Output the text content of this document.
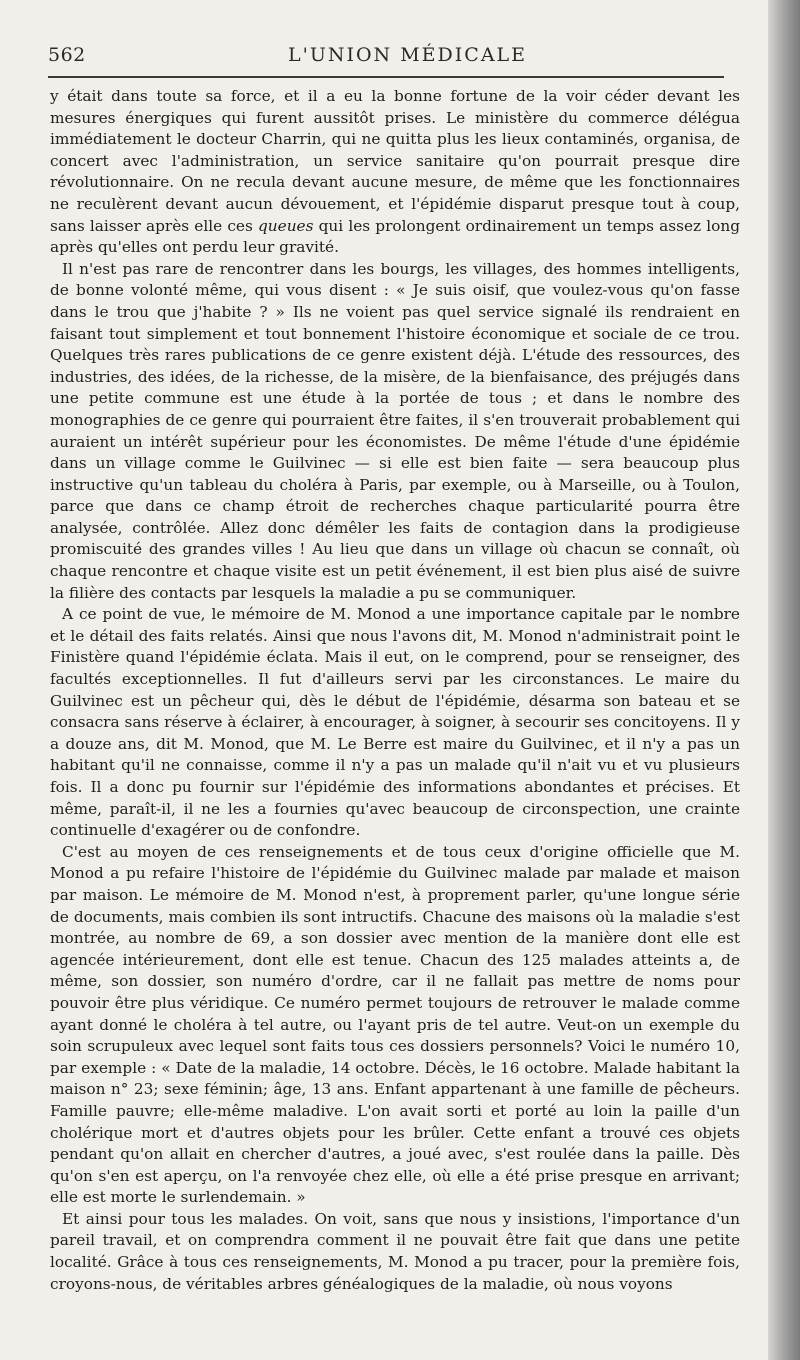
562	L'UNION MÉDICALE

y était dans toute sa force, et il a eu la bonne fortune de la voir céder devant les mesures énergiques qui furent aussitôt prises. Le ministère du commerce délégua immédiatement le docteur Charrin, qui ne quitta plus les lieux contaminés, organisa, de concert avec l'administration, un service sanitaire qu'on pourrait presque dire révolutionnaire. On ne recula devant aucune mesure, de même que les fonctionnaires ne reculèrent devant aucun dévouement, et l'épidémie disparut presque tout à coup, sans laisser après elle ces queues qui les prolongent ordinairement un temps assez long après qu'elles ont perdu leur gravité.

Il n'est pas rare de rencontrer dans les bourgs, les villages, des hommes intelligents, de bonne volonté même, qui vous disent : « Je suis oisif, que voulez-vous qu'on fasse dans le trou que j'habite ? » Ils ne voient pas quel service signalé ils rendraient en faisant tout simplement et tout bonnement l'histoire économique et sociale de ce trou. Quelques très rares publications de ce genre existent déjà. L'étude des ressources, des industries, des idées, de la richesse, de la misère, de la bienfaisance, des préjugés dans une petite commune est une étude à la portée de tous ; et dans le nombre des monographies de ce genre qui pourraient être faites, il s'en trouverait probablement qui auraient un intérêt supérieur pour les économistes. De même l'étude d'une épidémie dans un village comme le Guilvinec — si elle est bien faite — sera beaucoup plus instructive qu'un tableau du choléra à Paris, par exemple, ou à Marseille, ou à Toulon, parce que dans ce champ étroit de recherches chaque particularité pourra être analysée, contrôlée. Allez donc démêler les faits de contagion dans la prodigieuse promiscuité des grandes villes ! Au lieu que dans un village où chacun se connaît, où chaque rencontre et chaque visite est un petit événement, il est bien plus aisé de suivre la filière des contacts par lesquels la maladie a pu se communiquer.

A ce point de vue, le mémoire de M. Monod a une importance capitale par le nombre et le détail des faits relatés. Ainsi que nous l'avons dit, M. Monod n'administrait point le Finistère quand l'épidémie éclata. Mais il eut, on le comprend, pour se renseigner, des facultés exceptionnelles. Il fut d'ailleurs servi par les circonstances. Le maire du Guilvinec est un pêcheur qui, dès le début de l'épidémie, désarma son bateau et se consacra sans réserve à éclairer, à encourager, à soigner, à secourir ses concitoyens. Il y a douze ans, dit M. Monod, que M. Le Berre est maire du Guilvinec, et il n'y a pas un habitant qu'il ne connaisse, comme il n'y a pas un malade qu'il n'ait vu et vu plusieurs fois. Il a donc pu fournir sur l'épidémie des informations abondantes et précises. Et même, paraît-il, il ne les a fournies qu'avec beaucoup de circonspection, une crainte continuelle d'exagérer ou de confondre.

C'est au moyen de ces renseignements et de tous ceux d'origine officielle que M. Monod a pu refaire l'histoire de l'épidémie du Guilvinec malade par malade et maison par maison. Le mémoire de M. Monod n'est, à proprement parler, qu'une longue série de documents, mais combien ils sont intructifs. Chacune des maisons où la maladie s'est montrée, au nombre de 69, a son dossier avec mention de la manière dont elle est agencée intérieurement, dont elle est tenue. Chacun des 125 malades atteints a, de même, son dossier, son numéro d'ordre, car il ne fallait pas mettre de noms pour pouvoir être plus véridique. Ce numéro permet toujours de retrouver le malade comme ayant donné le choléra à tel autre, ou l'ayant pris de tel autre. Veut-on un exemple du soin scrupuleux avec lequel sont faits tous ces dossiers personnels? Voici le numéro 10, par exemple : « Date de la maladie, 14 octobre. Décès, le 16 octobre. Malade habitant la maison n° 23; sexe féminin; âge, 13 ans. Enfant appartenant à une famille de pêcheurs. Famille pauvre; elle-même maladive. L'on avait sorti et porté au loin la paille d'un cholérique mort et d'autres objets pour les brûler. Cette enfant a trouvé ces objets pendant qu'on allait en chercher d'autres, a joué avec, s'est roulée dans la paille. Dès qu'on s'en est aperçu, on l'a renvoyée chez elle, où elle a été prise presque en arrivant; elle est morte le surlendemain. »

Et ainsi pour tous les malades. On voit, sans que nous y insistions, l'importance d'un pareil travail, et on comprendra comment il ne pouvait être fait que dans une petite localité. Grâce à tous ces renseignements, M. Monod a pu tracer, pour la première fois, croyons-nous, de véritables arbres généalogiques de la maladie, où nous voyons
